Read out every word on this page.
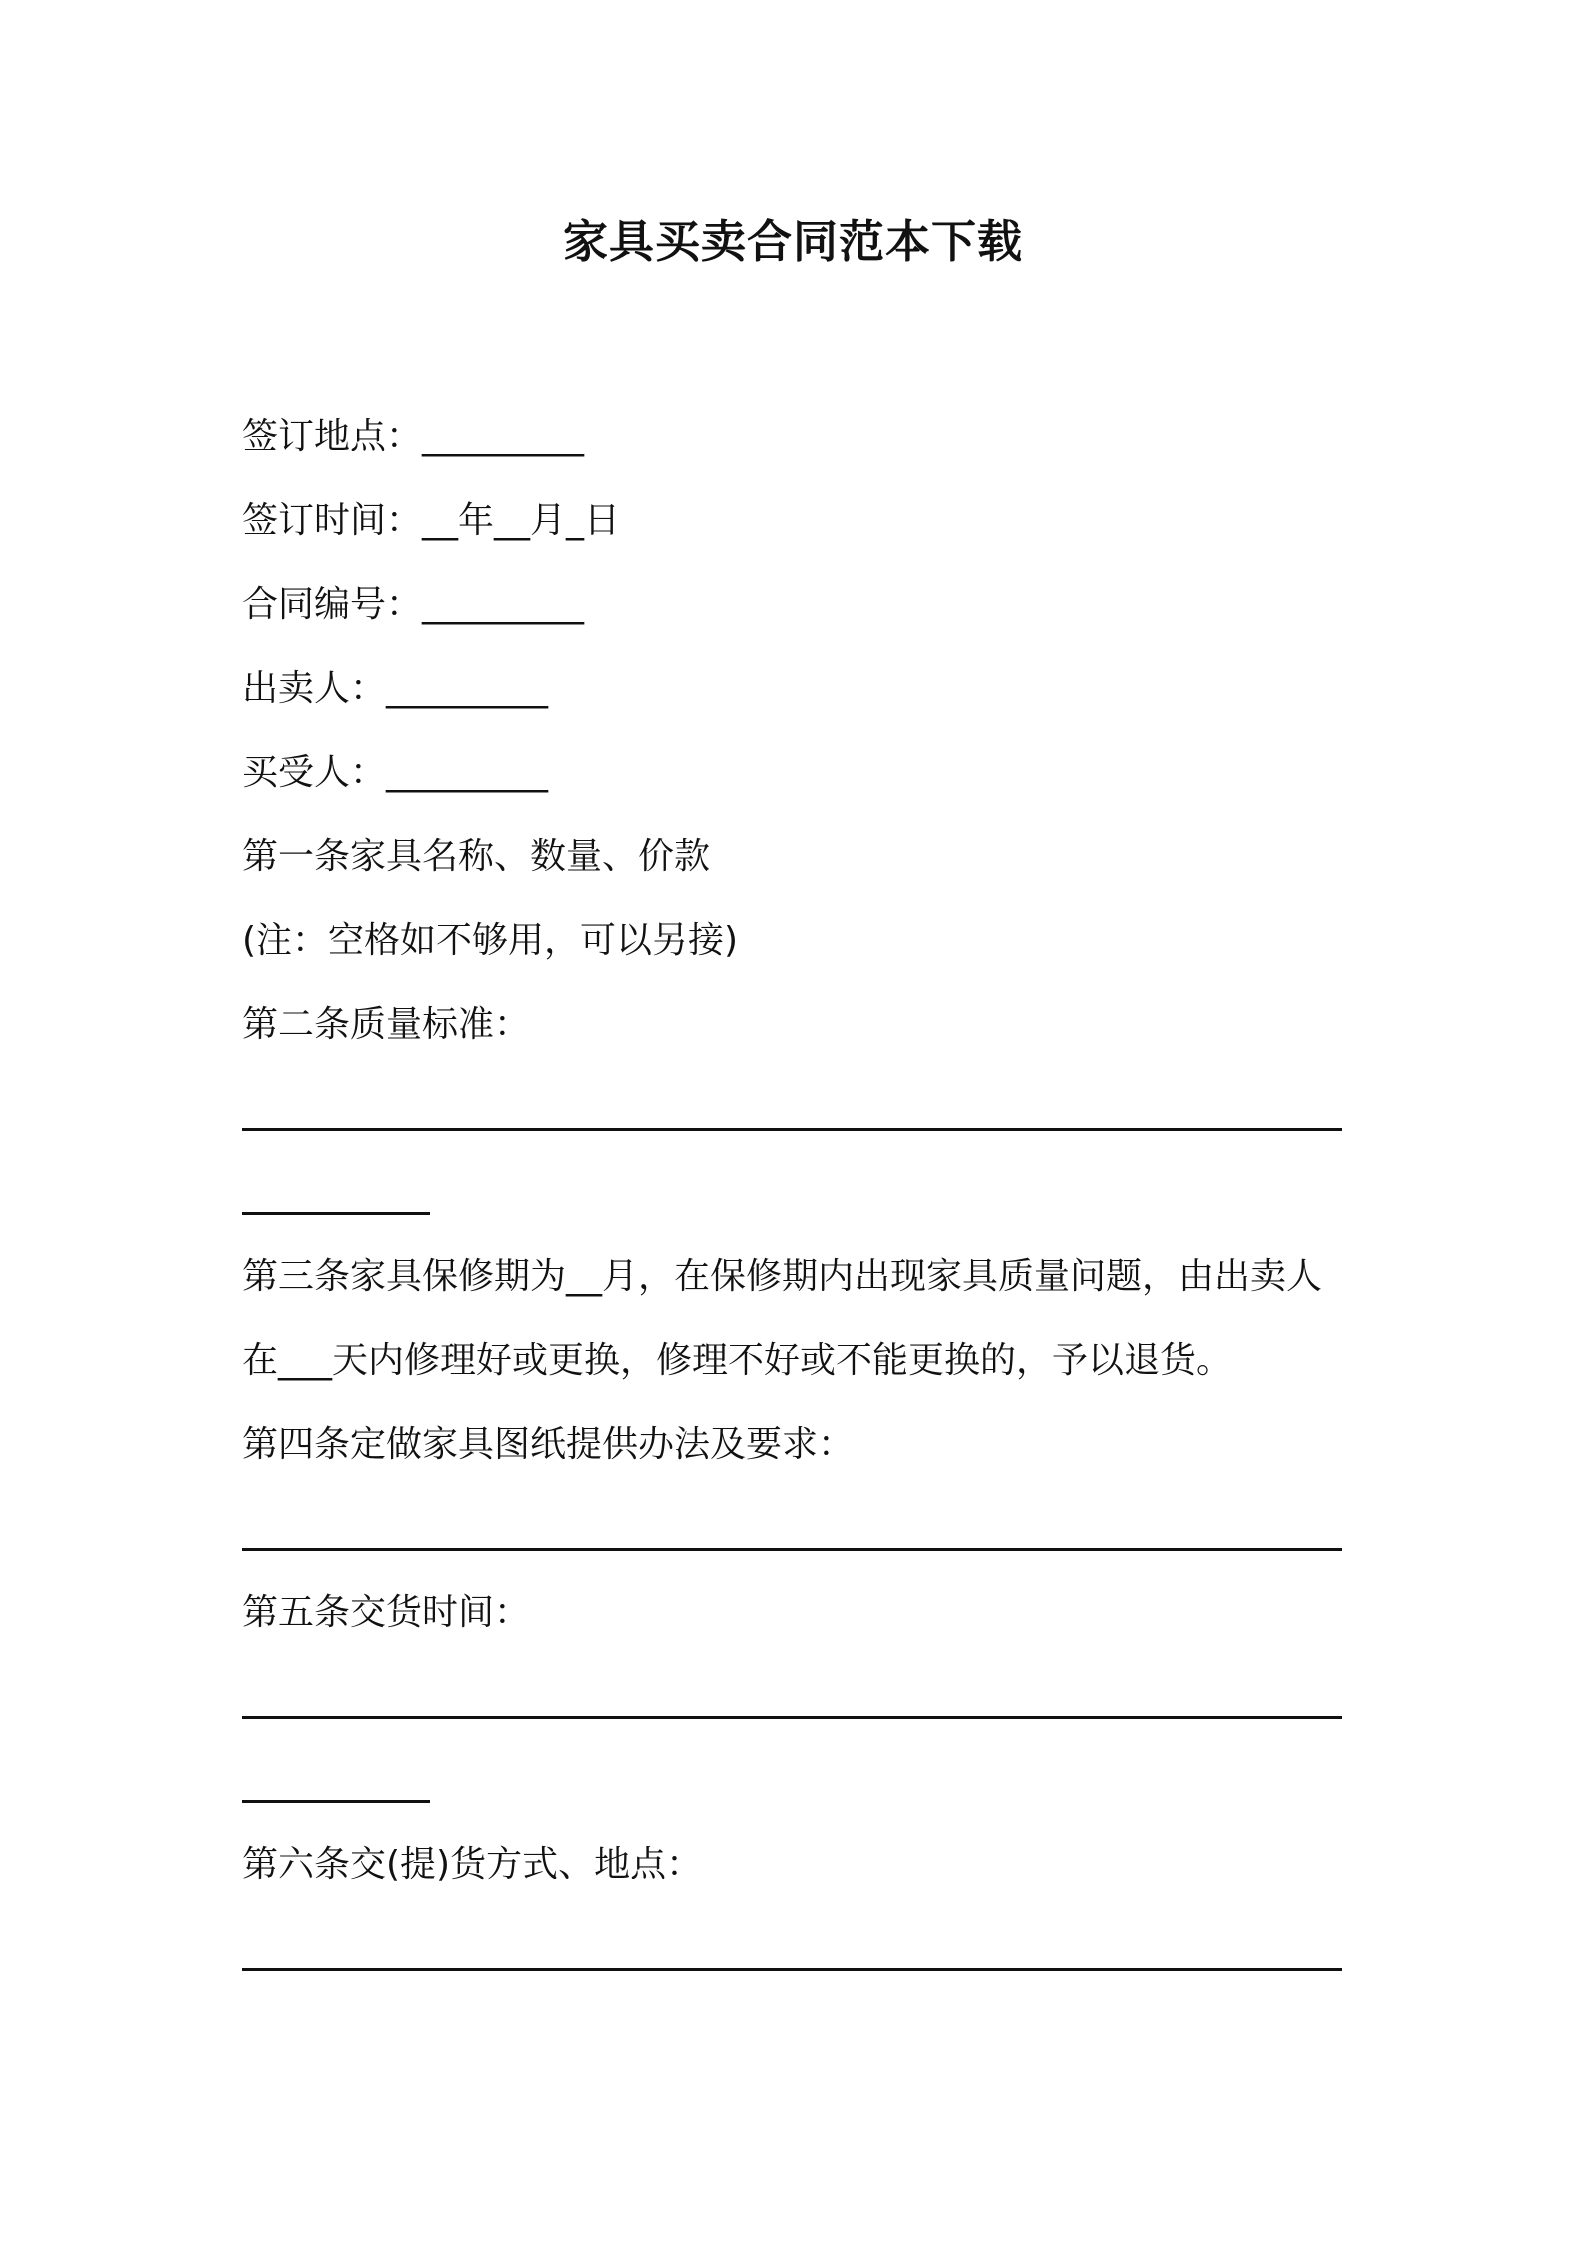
家具买卖合同范本下载
签订地点：_________
签订时间：__年__月_日
合同编号：_________
出卖人：_________
买受人：_________
第一条家具名称、数量、价款
(注：空格如不够用，可以另接)
第二条质量标准：
第三条家具保修期为__月，在保修期内出现家具质量问题，由出卖人
在___天内修理好或更换，修理不好或不能更换的，予以退货。
第四条定做家具图纸提供办法及要求：
第五条交货时间：
第六条交(提)货方式、地点：
